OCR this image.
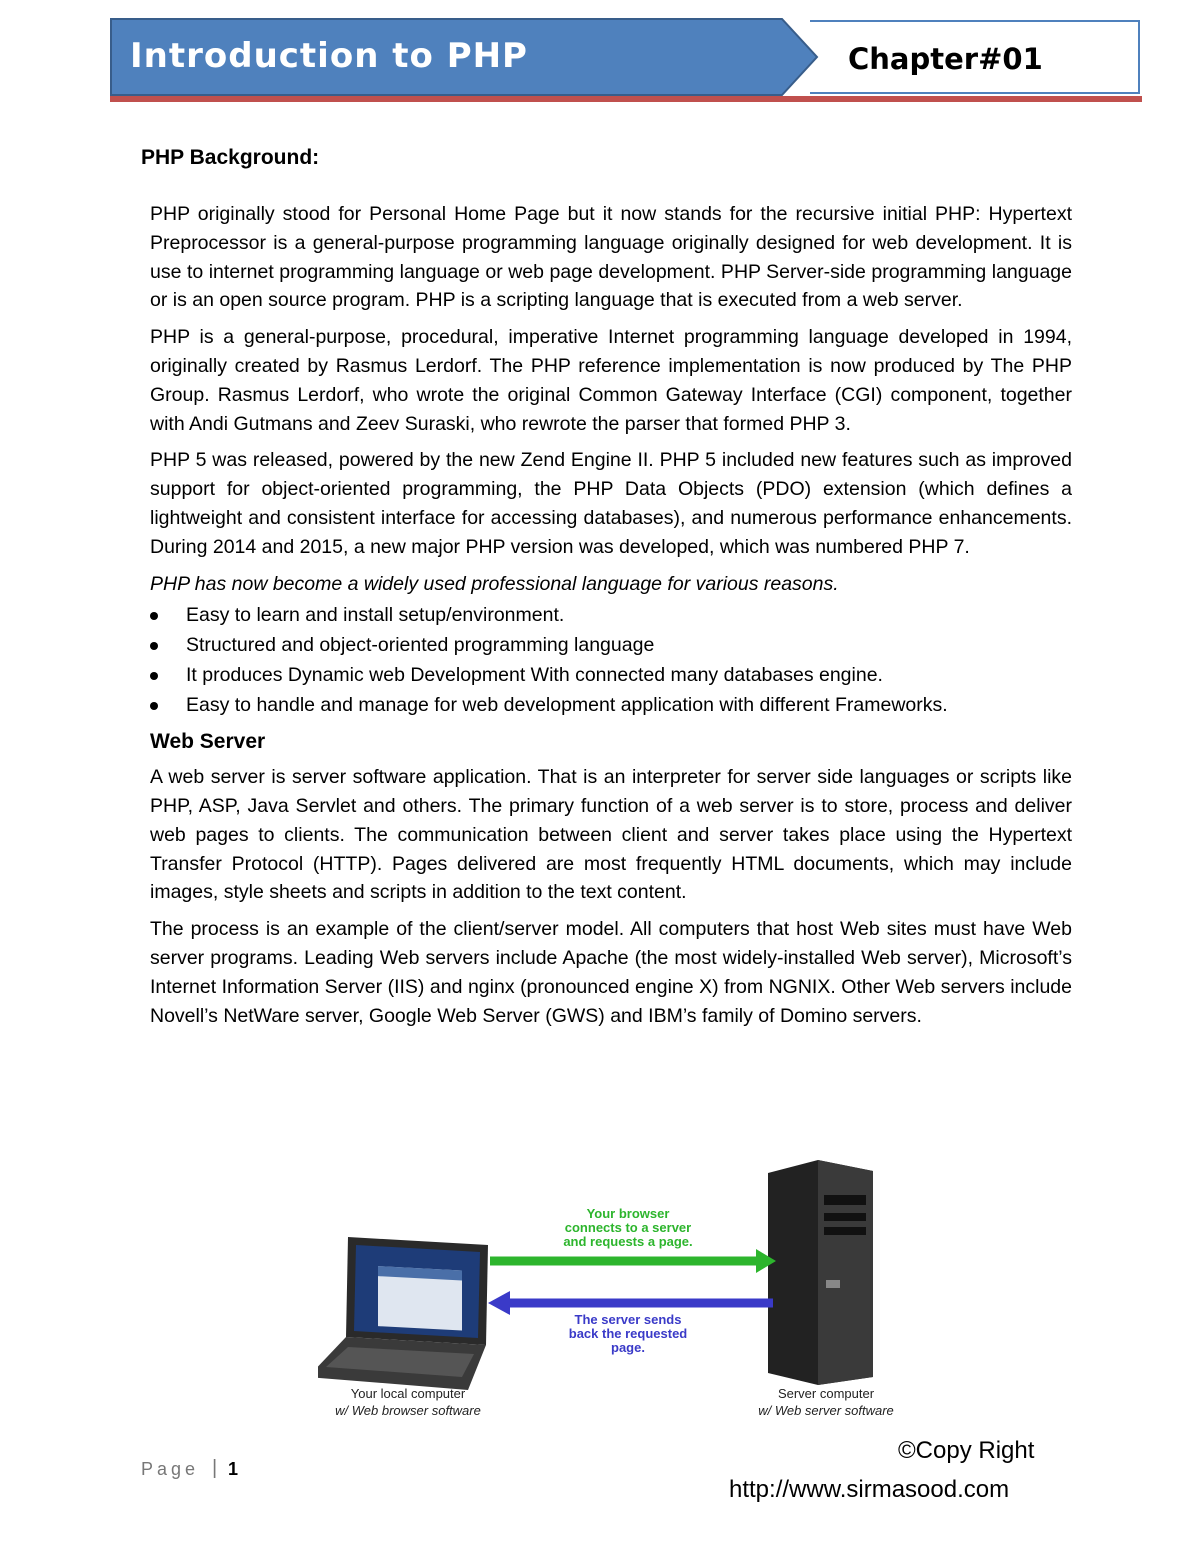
Introduction to PHP	Chapter#01
PHP Background:

PHP originally stood for Personal Home Page but it now stands for the recursive initial PHP: Hypertext Preprocessor is a general-purpose programming language originally designed for web development. It is use to internet programming language or web page development. PHP Server-side programming language or is an open source program. PHP is a scripting language that is executed from a web server.

PHP is a general-purpose, procedural, imperative Internet programming language developed in 1994, originally created by Rasmus Lerdorf. The PHP reference implementation is now produced by The PHP Group. Rasmus Lerdorf, who wrote the original Common Gateway Interface (CGI) component, together with Andi Gutmans and Zeev Suraski, who rewrote the parser that formed PHP 3.

PHP 5 was released, powered by the new Zend Engine II. PHP 5 included new features such as improved support for object-oriented programming, the PHP Data Objects (PDO) extension (which defines a lightweight and consistent interface for accessing databases), and numerous performance enhancements. During 2014 and 2015, a new major PHP version was developed, which was numbered PHP 7.

PHP has now become a widely used professional language for various reasons.

Easy to learn and install setup/environment.
Structured and object-oriented programming language
It produces Dynamic web Development With connected many databases engine.
Easy to handle and manage for web development application with different Frameworks.
Web Server

A web server is server software application. That is an interpreter for server side languages or scripts like PHP, ASP, Java Servlet and others. The primary function of a web server is to store, process and deliver web pages to clients. The communication between client and server takes place using the Hypertext Transfer Protocol (HTTP). Pages delivered are most frequently HTML documents, which may include images, style sheets and scripts in addition to the text content.

The process is an example of the client/server model. All computers that host Web sites must have Web server programs. Leading Web servers include Apache (the most widely-installed Web server), Microsoft’s Internet Information Server (IIS) and nginx (pronounced engine X) from NGNIX. Other Web servers include Novell’s NetWare server, Google Web Server (GWS) and IBM’s family of Domino servers.

Your browser
connects to a server
and requests a page.
The server sends
back the requested
page.
Your local computer
w/ Web browser software
Server computer
w/ Web server software
Page | 1
©Copy Right
http://www.sirmasood.com
